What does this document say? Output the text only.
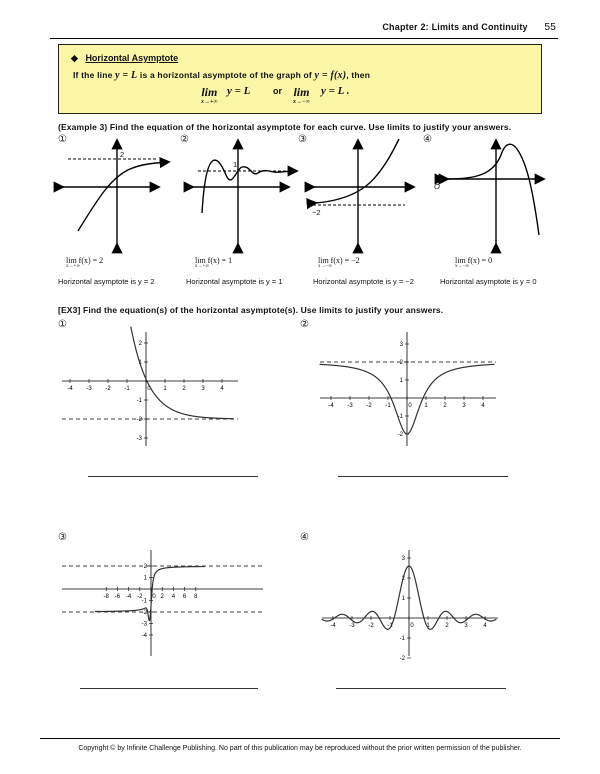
Chapter 2: Limits and Continuity 55
◆ Horizontal Asymptote
If the line y = L is a horizontal asymptote of the graph of y = f(x), then
lim
x→+∞
y = L	or lim
x→−∞
y = L .
(Example 3) Find the equation of the horizontal asymptote for each curve. Use limits to justify your answers.
①	②	③	④
2
1
−2
O
lim f(x) = 2
x→+∞
lim f(x) = 1
x→+∞
lim f(x) = −2
x→−∞
lim f(x) = 0
x→−∞
Horizontal asymptote is y = 2	Horizontal asymptote is y = 1	Horizontal asymptote is y = −2	Horizontal asymptote is y = 0
[EX3] Find the equation(s) of the horizontal asymptote(s). Use limits to justify your answers.
①	②
③	④
-4 -3 -2 -1	0 1	2	3	4
2
1
-1
-2
-3
-4 -3 -2 -1	0 1	2	3	4
3
2
1
-1
-2
-8 -6 -4 -2 0 2 4 6 8
2
1
-1
-2
-3
-4
-4 -3 -2 -1	0 1	2	3	4
3
2
1
-1
-2
Copyright © by Infinite Challenge Publishing. No part of this publication may be reproduced without the prior written permission of the publisher.
